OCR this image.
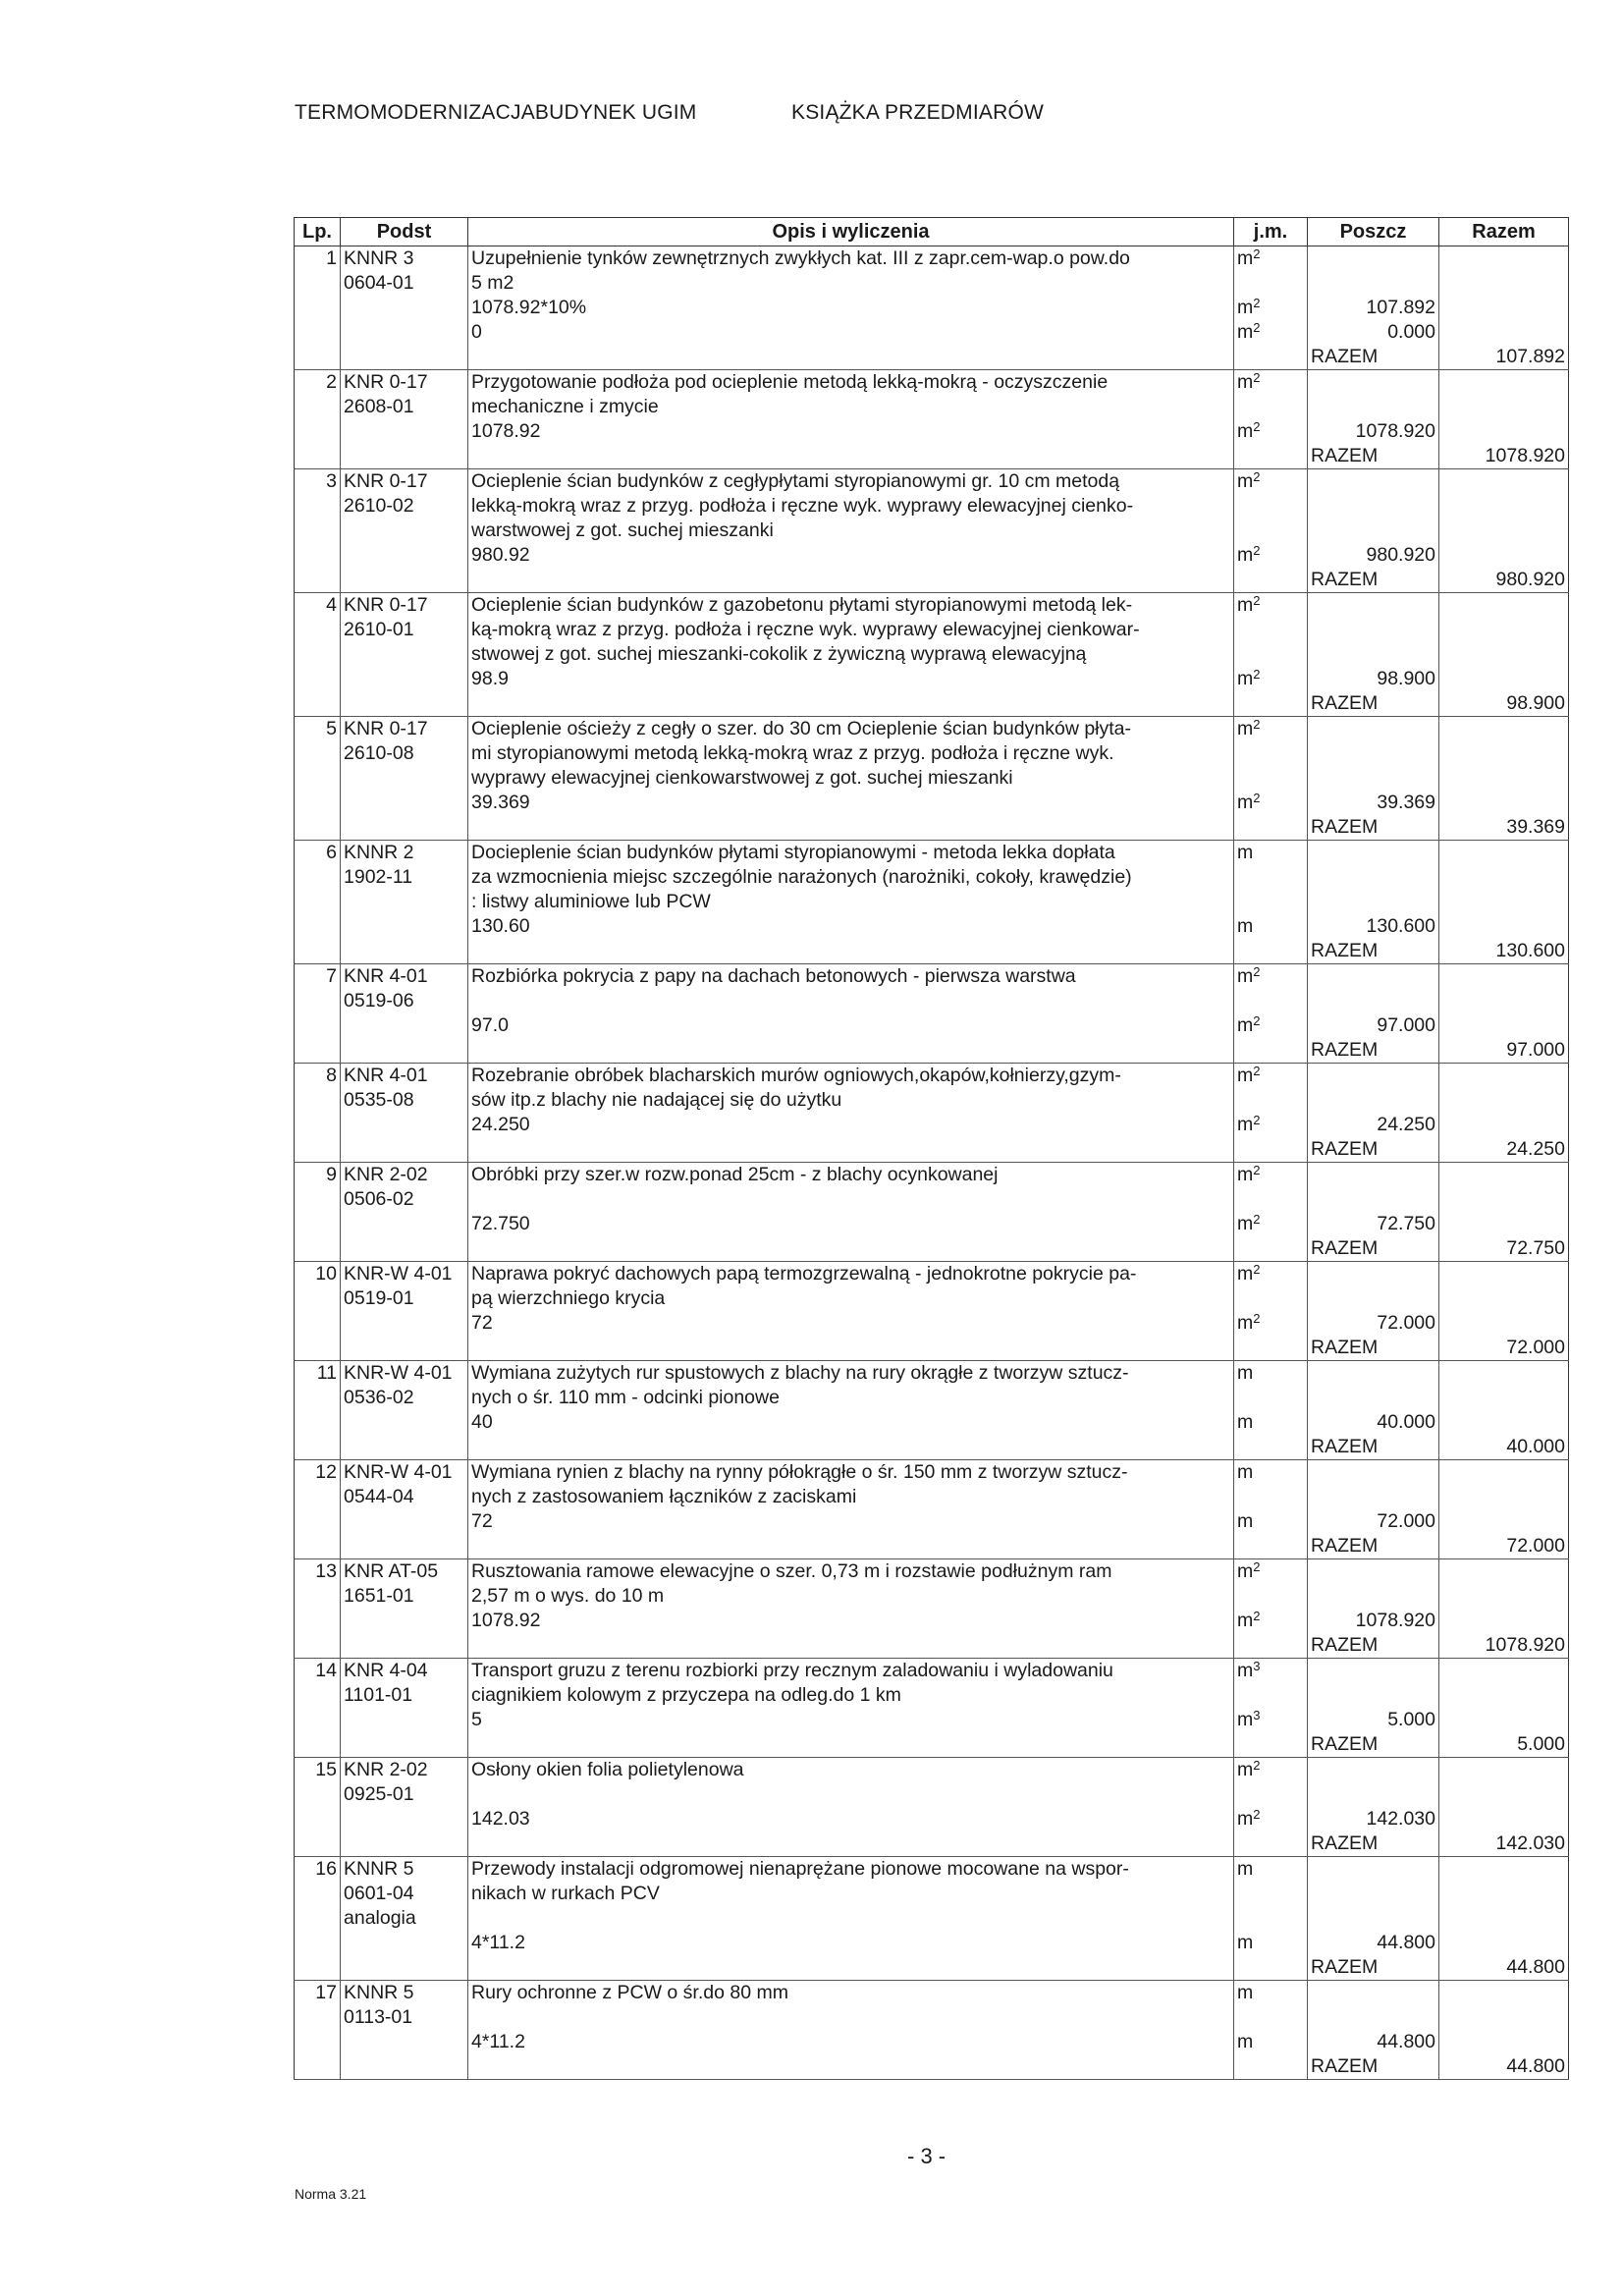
TERMOMODERNIZACJABUDYNEK UGIM	KSIĄŻKA PRZEDMIARÓW
Lp.	Podst	Opis i wyliczenia	j.m.	Poszcz	Razem
1	KNNR 3	Uzupełnienie tynków zewnętrznych zwykłych kat. III z zapr.cem-wap.o pow.do	$m^2$		
	0604-01	5 m2			
		1078.92*10%	$m^2$	107.892	
		0	$m^2$	0.000	
				RAZEM	107.892
2	KNR 0-17	Przygotowanie podłoża pod ocieplenie metodą lekką-mokrą - oczyszczenie	$m^2$		
	2608-01	mechaniczne i zmycie			
		1078.92	$m^2$	1078.920	
				RAZEM	1078.920
3	KNR 0-17	Ocieplenie ścian budynków z cegłypłytami styropianowymi gr. 10 cm metodą	$m^2$		
	2610-02	lekką-mokrą wraz z przyg. podłoża i ręczne wyk. wyprawy elewacyjnej cienko-			
		warstwowej z got. suchej mieszanki			
		980.92	$m^2$	980.920	
				RAZEM	980.920
4	KNR 0-17	Ocieplenie ścian budynków z gazobetonu płytami styropianowymi metodą lek-	$m^2$		
	2610-01	ką-mokrą wraz z przyg. podłoża i ręczne wyk. wyprawy elewacyjnej cienkowar-			
		stwowej z got. suchej mieszanki-cokolik z żywiczną wyprawą elewacyjną			
		98.9	$m^2$	98.900	
				RAZEM	98.900
5	KNR 0-17	Ocieplenie ościeży z cegły o szer. do 30 cm Ocieplenie ścian budynków płyta-	$m^2$		
	2610-08	mi styropianowymi metodą lekką-mokrą wraz z przyg. podłoża i ręczne wyk.			
		wyprawy elewacyjnej cienkowarstwowej z got. suchej mieszanki			
		39.369	$m^2$	39.369	
				RAZEM	39.369
6	KNNR 2	Docieplenie ścian budynków płytami styropianowymi - metoda lekka dopłata	m		
	1902-11	za wzmocnienia miejsc szczególnie narażonych (narożniki, cokoły, krawędzie)			
		: listwy aluminiowe lub PCW			
		130.60	m	130.600	
				RAZEM	130.600
7	KNR 4-01	Rozbiórka pokrycia z papy na dachach betonowych - pierwsza warstwa	$m^2$		
	0519-06				
		97.0	$m^2$	97.000	
				RAZEM	97.000
8	KNR 4-01	Rozebranie obróbek blacharskich murów ogniowych,okapów,kołnierzy,gzym-	$m^2$		
	0535-08	sów itp.z blachy nie nadającej się do użytku			
		24.250	$m^2$	24.250	
				RAZEM	24.250
9	KNR 2-02	Obróbki przy szer.w rozw.ponad 25cm - z blachy ocynkowanej	$m^2$		
	0506-02				
		72.750	$m^2$	72.750	
				RAZEM	72.750
10	KNR-W 4-01	Naprawa pokryć dachowych papą termozgrzewalną - jednokrotne pokrycie pa-	$m^2$		
	0519-01	pą wierzchniego krycia			
		72	$m^2$	72.000	
				RAZEM	72.000
11	KNR-W 4-01	Wymiana zużytych rur spustowych z blachy na rury okrągłe z tworzyw sztucz-	m		
	0536-02	nych o śr. 110 mm - odcinki pionowe			
		40	m	40.000	
				RAZEM	40.000
12	KNR-W 4-01	Wymiana rynien z blachy na rynny półokrągłe o śr. 150 mm z tworzyw sztucz-	m		
	0544-04	nych z zastosowaniem łączników z zaciskami			
		72	m	72.000	
				RAZEM	72.000
13	KNR AT-05	Rusztowania ramowe elewacyjne o szer. 0,73 m i rozstawie podłużnym ram	$m^2$		
	1651-01	2,57 m o wys. do 10 m			
		1078.92	$m^2$	1078.920	
				RAZEM	1078.920
14	KNR 4-04	Transport gruzu z terenu rozbiorki przy recznym zaladowaniu i wyladowaniu	$m^3$		
	1101-01	ciagnikiem kolowym z przyczepa na odleg.do 1 km			
		5	$m^3$	5.000	
				RAZEM	5.000
15	KNR 2-02	Osłony okien folia polietylenowa	$m^2$		
	0925-01				
		142.03	$m^2$	142.030	
				RAZEM	142.030
16	KNNR 5	Przewody instalacji odgromowej nienaprężane pionowe mocowane na wspor-	m		
	0601-04	nikach w rurkach PCV			
	analogia				
		4*11.2	m	44.800	
				RAZEM	44.800
17	KNNR 5	Rury ochronne z PCW o śr.do 80 mm	m		
	0113-01				
		4*11.2	m	44.800	
				RAZEM	44.800
- 3 -
Norma 3.21
